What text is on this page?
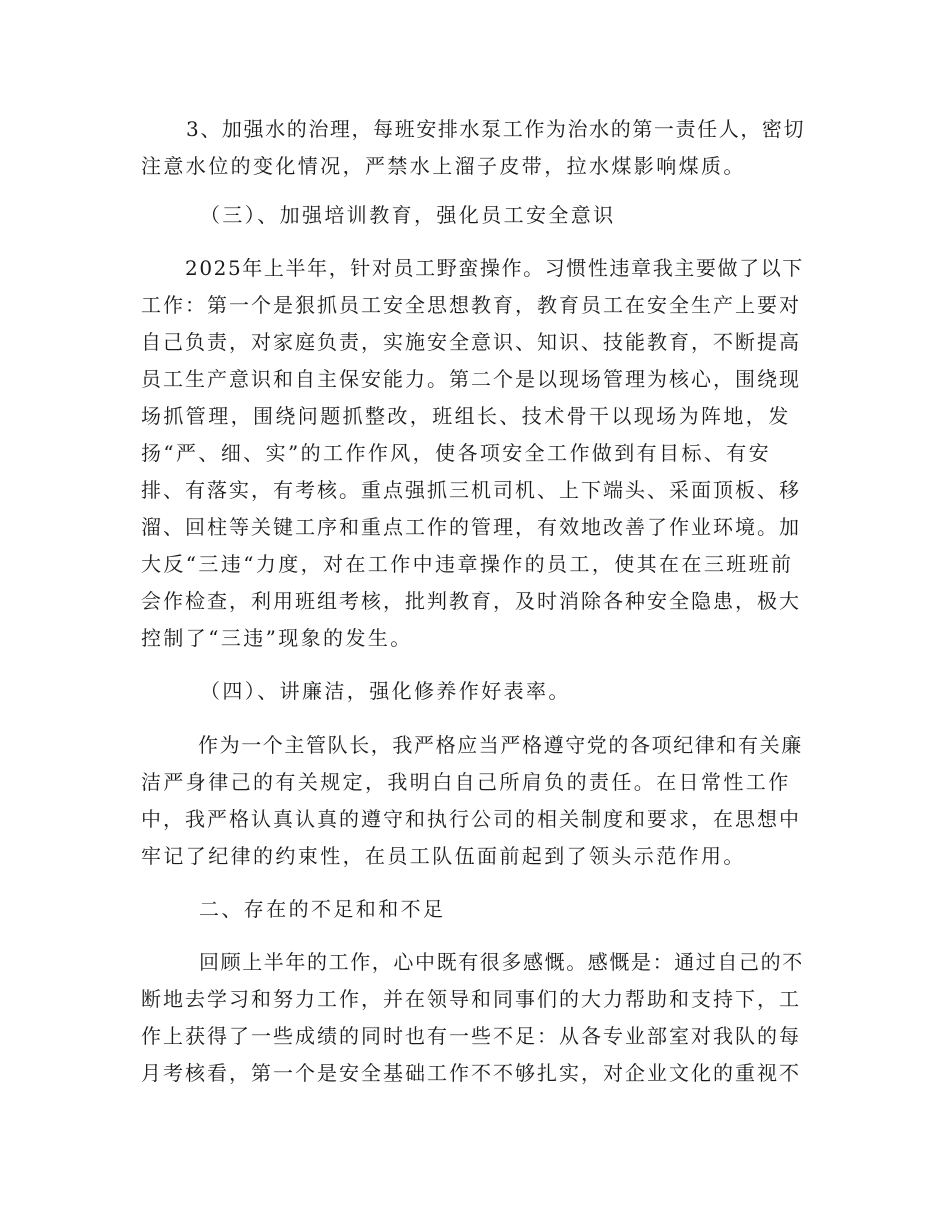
3、加强水的治理，每班安排水泵工作为治水的第一责任人，密切
注意水位的变化情况，严禁水上溜子皮带，拉水煤影响煤质。
（三）、加强培训教育，强化员工安全意识
2025年上半年，针对员工野蛮操作。习惯性违章我主要做了以下
工作：第一个是狠抓员工安全思想教育，教育员工在安全生产上要对
自己负责，对家庭负责，实施安全意识、知识、技能教育，不断提高
员工生产意识和自主保安能力。第二个是以现场管理为核心，围绕现
场抓管理，围绕问题抓整改，班组长、技术骨干以现场为阵地，发
扬“严、细、实”的工作作风，使各项安全工作做到有目标、有安
排、有落实，有考核。重点强抓三机司机、上下端头、采面顶板、移
溜、回柱等关键工序和重点工作的管理，有效地改善了作业环境。加
大反“三违“力度，对在工作中违章操作的员工，使其在在三班班前
会作检查，利用班组考核，批判教育，及时消除各种安全隐患，极大
控制了“三违”现象的发生。
（四）、讲廉洁，强化修养作好表率。
作为一个主管队长，我严格应当严格遵守党的各项纪律和有关廉
洁严身律己的有关规定，我明白自己所肩负的责任。在日常性工作
中，我严格认真认真的遵守和执行公司的相关制度和要求，在思想中
牢记了纪律的约束性，在员工队伍面前起到了领头示范作用。
二、存在的不足和和不足
回顾上半年的工作，心中既有很多感慨。感慨是：通过自己的不
断地去学习和努力工作，并在领导和同事们的大力帮助和支持下，工
作上获得了一些成绩的同时也有一些不足：从各专业部室对我队的每
月考核看，第一个是安全基础工作不不够扎实，对企业文化的重视不
